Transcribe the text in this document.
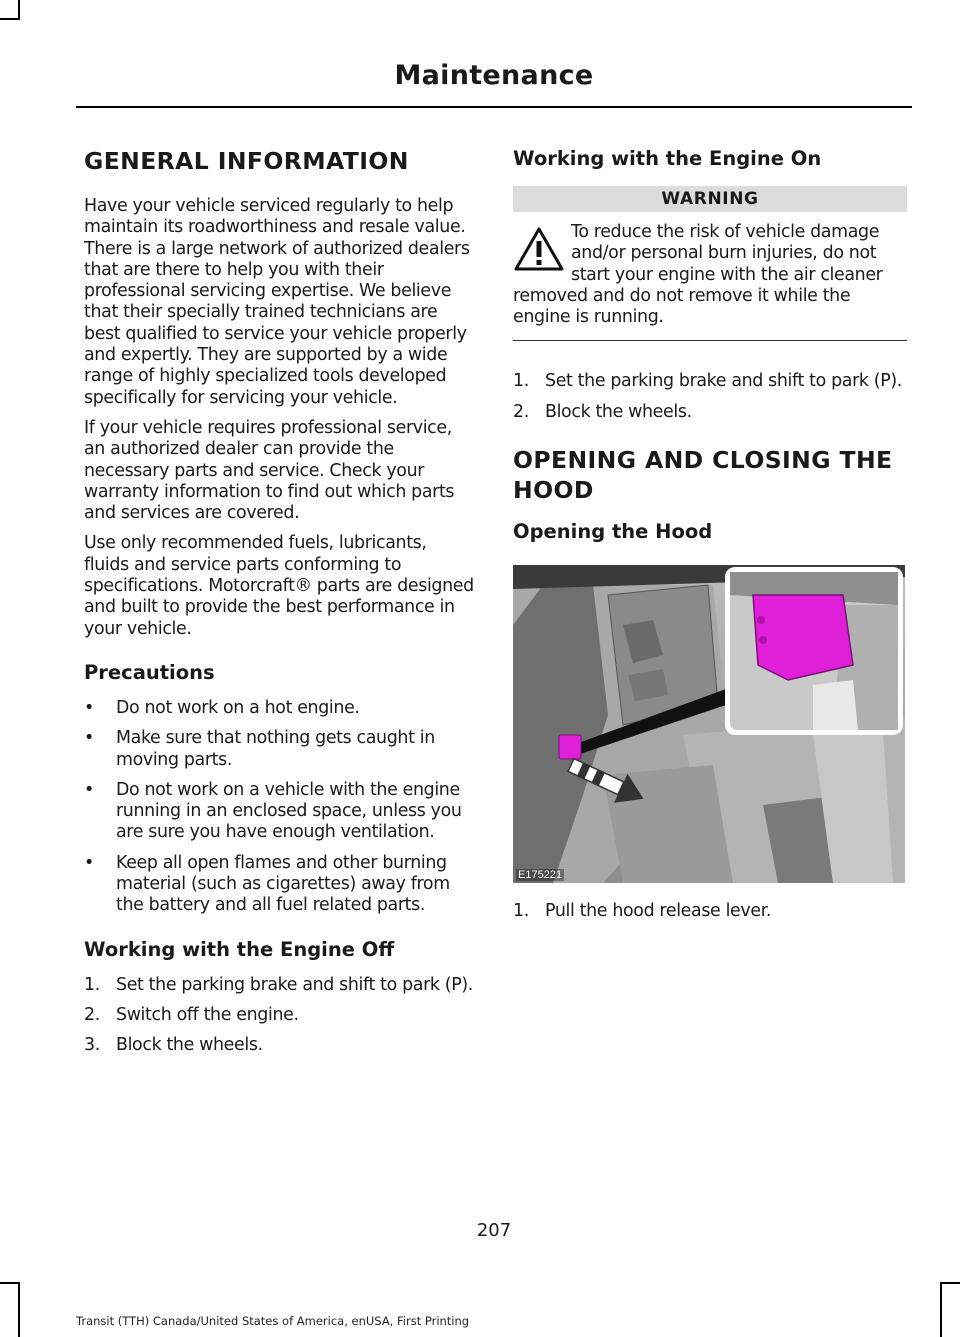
Maintenance
GENERAL INFORMATION

Have your vehicle serviced regularly to help maintain its roadworthiness and resale value. There is a large network of authorized dealers that are there to help you with their professional servicing expertise. We believe that their specially trained technicians are best qualified to service your vehicle properly and expertly. They are supported by a wide range of highly specialized tools developed specifically for servicing your vehicle.

If your vehicle requires professional service, an authorized dealer can provide the necessary parts and service. Check your warranty information to find out which parts and services are covered.

Use only recommended fuels, lubricants, fluids and service parts conforming to specifications. Motorcraft® parts are designed and built to provide the best performance in your vehicle.

Precautions
• Do not work on a hot engine.
• Make sure that nothing gets caught in moving parts.
• Do not work on a vehicle with the engine running in an enclosed space, unless you are sure you have enough ventilation.
• Keep all open flames and other burning material (such as cigarettes) away from the battery and all fuel related parts.
Working with the Engine Off
1. Set the parking brake and shift to park (P).
2. Switch off the engine.
3. Block the wheels.
Working with the Engine On
WARNING

To reduce the risk of vehicle damage and/or personal burn injuries, do not start your engine with the air cleaner removed and do not remove it while the engine is running.

1. Set the parking brake and shift to park (P).
2. Block the wheels.
OPENING AND CLOSING THE
HOOD
Opening the Hood
E175221
1. Pull the hood release lever.
207
Transit (TTH) Canada/United States of America, enUSA, First Printing
